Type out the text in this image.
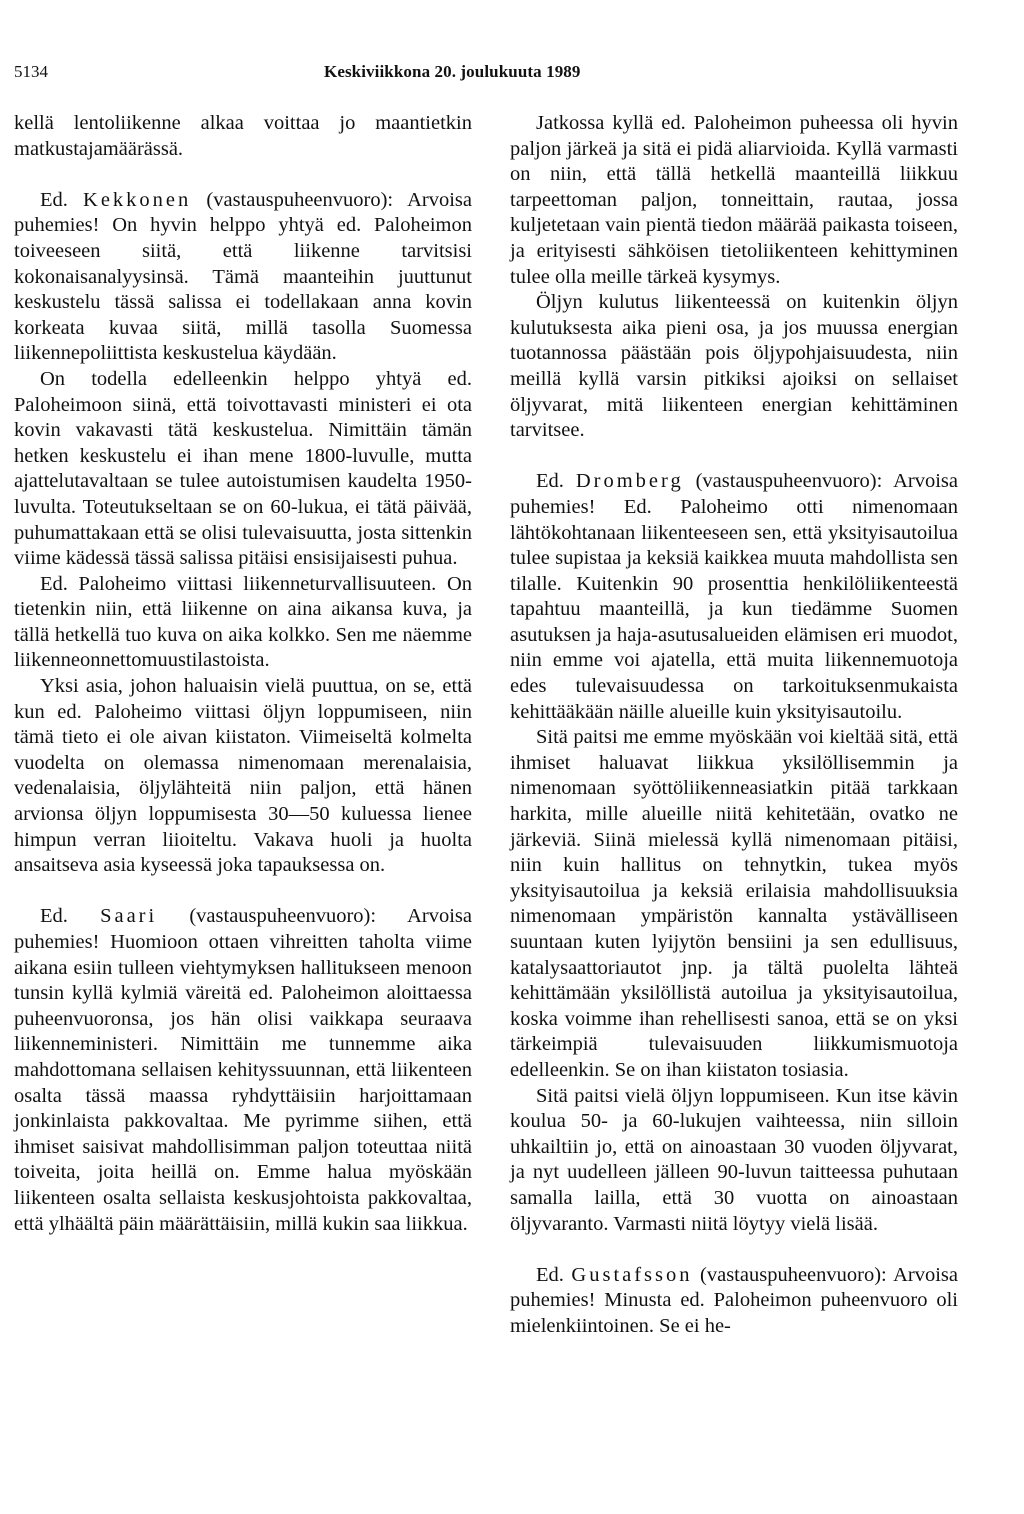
5134	Keskiviikkona 20. joulukuuta 1989

kellä lentoliikenne alkaa voittaa jo maantietkin matkustajamäärässä.

Ed. Kekkonen (vastauspuheenvuoro): Arvoisa puhemies! On hyvin helppo yhtyä ed. Paloheimon toiveeseen siitä, että liikenne tarvitsisi kokonaisanalyysinsä. Tämä maanteihin juuttunut keskustelu tässä salissa ei todellakaan anna kovin korkeata kuvaa siitä, millä tasolla Suomessa liikennepoliittista keskustelua käydään.

On todella edelleenkin helppo yhtyä ed. Paloheimoon siinä, että toivottavasti ministeri ei ota kovin vakavasti tätä keskustelua. Nimittäin tämän hetken keskustelu ei ihan mene 1800-luvulle, mutta ajattelutavaltaan se tulee autoistumisen kaudelta 1950-luvulta. Toteutukseltaan se on 60-lukua, ei tätä päivää, puhumattakaan että se olisi tulevaisuutta, josta sittenkin viime kädessä tässä salissa pitäisi ensisijaisesti puhua.

Ed. Paloheimo viittasi liikenneturvallisuuteen. On tietenkin niin, että liikenne on aina aikansa kuva, ja tällä hetkellä tuo kuva on aika kolkko. Sen me näemme liikenneonnettomuustilastoista.

Yksi asia, johon haluaisin vielä puuttua, on se, että kun ed. Paloheimo viittasi öljyn loppumiseen, niin tämä tieto ei ole aivan kiistaton. Viimeiseltä kolmelta vuodelta on olemassa nimenomaan merenalaisia, vedenalaisia, öljylähteitä niin paljon, että hänen arvionsa öljyn loppumisesta 30—50 kuluessa lienee himpun verran liioiteltu. Vakava huoli ja huolta ansaitseva asia kyseessä joka tapauksessa on.

Ed. Saari (vastauspuheenvuoro): Arvoisa puhemies! Huomioon ottaen vihreitten taholta viime aikana esiin tulleen viehtymyksen hallitukseen menoon tunsin kyllä kylmiä väreitä ed. Paloheimon aloittaessa puheenvuoronsa, jos hän olisi vaikkapa seuraava liikenneministeri. Nimittäin me tunnemme aika mahdottomana sellaisen kehityssuunnan, että liikenteen osalta tässä maassa ryhdyttäisiin harjoittamaan jonkinlaista pakkovaltaa. Me pyrimme siihen, että ihmiset saisivat mahdollisimman paljon toteuttaa niitä toiveita, joita heillä on. Emme halua myöskään liikenteen osalta sellaista keskusjohtoista pakkovaltaa, että ylhäältä päin määrättäisiin, millä kukin saa liikkua.

Jatkossa kyllä ed. Paloheimon puheessa oli hyvin paljon järkeä ja sitä ei pidä aliarvioida. Kyllä varmasti on niin, että tällä hetkellä maanteillä liikkuu tarpeettoman paljon, tonneittain, rautaa, jossa kuljetetaan vain pientä tiedon määrää paikasta toiseen, ja erityisesti sähköisen tietoliikenteen kehittyminen tulee olla meille tärkeä kysymys.

Öljyn kulutus liikenteessä on kuitenkin öljyn kulutuksesta aika pieni osa, ja jos muussa energian tuotannossa päästään pois öljypohjaisuudesta, niin meillä kyllä varsin pitkiksi ajoiksi on sellaiset öljyvarat, mitä liikenteen energian kehittäminen tarvitsee.

Ed. Dromberg (vastauspuheenvuoro): Arvoisa puhemies! Ed. Paloheimo otti nimenomaan lähtökohtanaan liikenteeseen sen, että yksityisautoilua tulee supistaa ja keksiä kaikkea muuta mahdollista sen tilalle. Kuitenkin 90 prosenttia henkilöliikenteestä tapahtuu maanteillä, ja kun tiedämme Suomen asutuksen ja haja-asutusalueiden elämisen eri muodot, niin emme voi ajatella, että muita liikennemuotoja edes tulevaisuudessa on tarkoituksenmukaista kehittääkään näille alueille kuin yksityisautoilu.

Sitä paitsi me emme myöskään voi kieltää sitä, että ihmiset haluavat liikkua yksilöllisemmin ja nimenomaan syöttöliikenneasiatkin pitää tarkkaan harkita, mille alueille niitä kehitetään, ovatko ne järkeviä. Siinä mielessä kyllä nimenomaan pitäisi, niin kuin hallitus on tehnytkin, tukea myös yksityisautoilua ja keksiä erilaisia mahdollisuuksia nimenomaan ympäristön kannalta ystävälliseen suuntaan kuten lyijytön bensiini ja sen edullisuus, katalysaattoriautot jnp. ja tältä puolelta lähteä kehittämään yksilöllistä autoilua ja yksityisautoilua, koska voimme ihan rehellisesti sanoa, että se on yksi tärkeimpiä tulevaisuuden liikkumismuotoja edelleenkin. Se on ihan kiistaton tosiasia.

Sitä paitsi vielä öljyn loppumiseen. Kun itse kävin koulua 50- ja 60-lukujen vaihteessa, niin silloin uhkailtiin jo, että on ainoastaan 30 vuoden öljyvarat, ja nyt uudelleen jälleen 90-luvun taitteessa puhutaan samalla lailla, että 30 vuotta on ainoastaan öljyvaranto. Varmasti niitä löytyy vielä lisää.

Ed. Gustafsson (vastauspuheenvuoro): Arvoisa puhemies! Minusta ed. Paloheimon puheenvuoro oli mielenkiintoinen. Se ei he-
